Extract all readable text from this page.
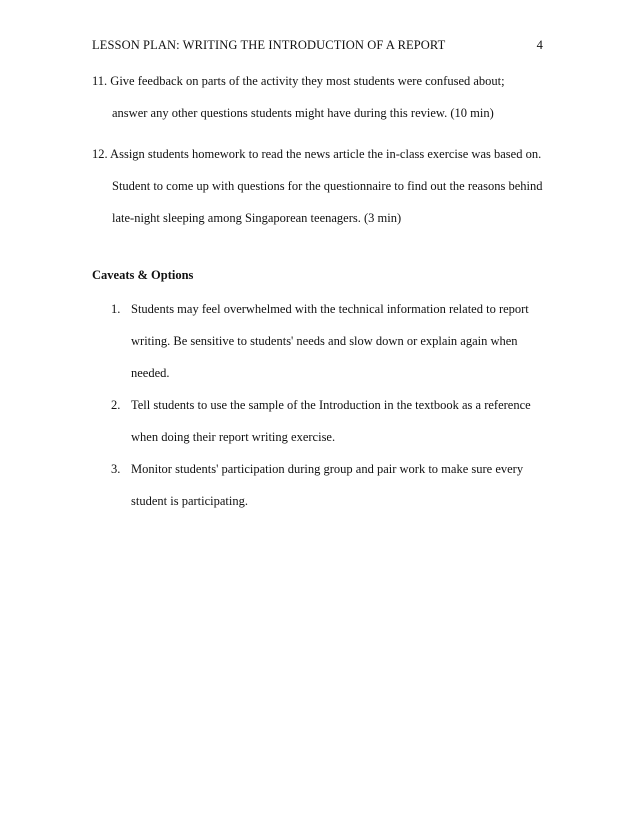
LESSON PLAN: WRITING THE INTRODUCTION OF A REPORT	4
11. Give feedback on parts of the activity they most students were confused about;
answer any other questions students might have during this review. (10 min)
12. Assign students homework to read the news article the in-class exercise was based on.
Student to come up with questions for the questionnaire to find out the reasons behind
late-night sleeping among Singaporean teenagers. (3 min)
Caveats & Options
1. Students may feel overwhelmed with the technical information related to report
writing. Be sensitive to students' needs and slow down or explain again when
needed.
2. Tell students to use the sample of the Introduction in the textbook as a reference
when doing their report writing exercise.
3. Monitor students' participation during group and pair work to make sure every
student is participating.
